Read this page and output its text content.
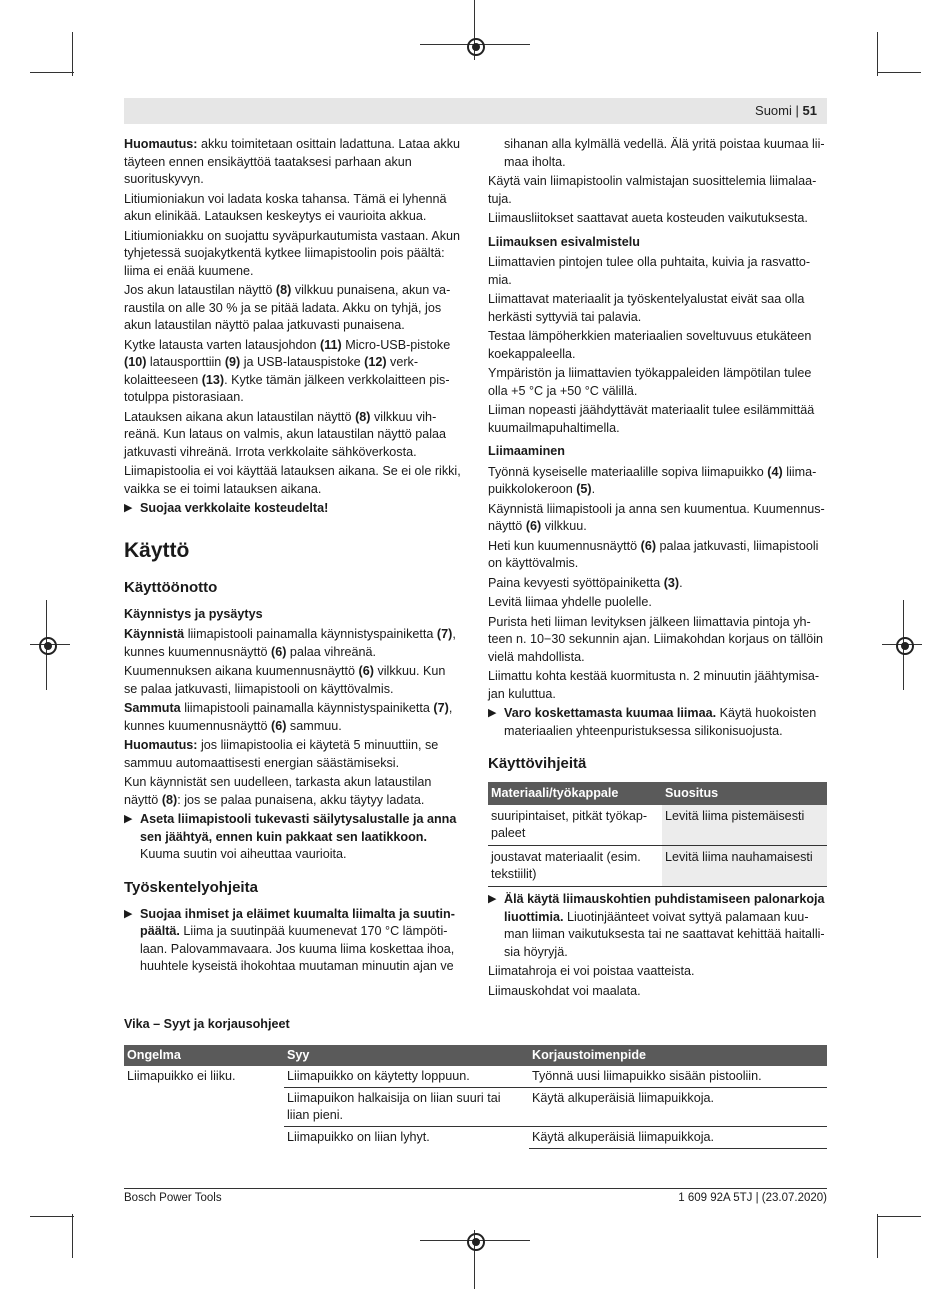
Suomi | 51

Huomautus: akku toimitetaan osittain ladattuna. Lataa akku täyteen ennen ensikäyttöä taataksesi parhaan akun suorituskyvyn.

Litiumioniakun voi ladata koska tahansa. Tämä ei lyhennä akun elinikää. Latauksen keskeytys ei vaurioita akkua.

Litiumioniakku on suojattu syväpurkautumista vastaan. Akun tyhjetessä suojakytkentä kytkee liimapistoolin pois päältä: liima ei enää kuumene.

Jos akun lataustilan näyttö (8) vilkkuu punaisena, akun varaustila on alle 30 % ja se pitää ladata. Akku on tyhjä, jos akun lataustilan näyttö palaa jatkuvasti punaisena.

Kytke latausta varten latausjohdon (11) Micro-USB-pistoke (10) latausporttiin (9) ja USB-latauspistoke (12) verkkolaitteeseen (13). Kytke tämän jälkeen verkkolaitteen pistotulppa pistorasiaan.

Latauksen aikana akun lataustilan näyttö (8) vilkkuu vihreänä. Kun lataus on valmis, akun lataustilan näyttö palaa jatkuvasti vihreänä. Irrota verkkolaite sähköverkosta.

Liimapistoolia ei voi käyttää latauksen aikana. Se ei ole rikki, vaikka se ei toimi latauksen aikana.

▶ Suojaa verkkolaite kosteudelta!
Käyttö
Käyttöönotto
Käynnistys ja pysäytys

Käynnistä liimapistooli painamalla käynnistyspainiketta (7), kunnes kuumennusnäyttö (6) palaa vihreänä.

Kuumennuksen aikana kuumennusnäyttö (6) vilkkuu. Kun se palaa jatkuvasti, liimapistooli on käyttövalmis.

Sammuta liimapistooli painamalla käynnistyspainiketta (7), kunnes kuumennusnäyttö (6) sammuu.

Huomautus: jos liimapistoolia ei käytetä 5 minuuttiin, se sammuu automaattisesti energian säästämiseksi.

Kun käynnistät sen uudelleen, tarkasta akun lataustilan näyttö (8): jos se palaa punaisena, akku täytyy ladata.

▶ Aseta liimapistooli tukevasti säilytysalustalle ja anna sen jäähtyä, ennen kuin pakkaat sen laatikkoon. Kuuma suutin voi aiheuttaa vaurioita.
Työskentelyohjeita
▶ Suojaa ihmiset ja eläimet kuumalta liimalta ja suutinpäältä. Liima ja suutinpää kuumenevat 170 °C lämpötilaan. Palovammavaara. Jos kuuma liima koskettaa ihoa, huuhtele kyseistä ihokohtaa muutaman minuutin ajan ve

sihanan alla kylmällä vedellä. Älä yritä poistaa kuumaa liimaa iholta.

Käytä vain liimapistoolin valmistajan suosittelemia liimalaatuja.

Liimausliitokset saattavat aueta kosteuden vaikutuksesta.

Liimauksen esivalmistelu

Liimattavien pintojen tulee olla puhtaita, kuivia ja rasvattomia.

Liimattavat materiaalit ja työskentelyalustat eivät saa olla herkästi syttyviä tai palavia.

Testaa lämpöherkkien materiaalien soveltuvuus etukäteen koekappaleella.

Ympäristön ja liimattavien työkappaleiden lämpötilan tulee olla +5 °C ja +50 °C välillä.

Liiman nopeasti jäähdyttävät materiaalit tulee esilämmittää kuumailmapuhaltimella.

Liimaaminen

Työnnä kyseiselle materiaalille sopiva liimapuikko (4) liimapuikkolokeroon (5).

Käynnistä liimapistooli ja anna sen kuumentua. Kuumennusnäyttö (6) vilkkuu.

Heti kun kuumennusnäyttö (6) palaa jatkuvasti, liimapistooli on käyttövalmis.

Paina kevyesti syöttöpainiketta (3).

Levitä liimaa yhdelle puolelle.

Purista heti liiman levityksen jälkeen liimattavia pintoja yhteen n. 10−30 sekunnin ajan. Liimakohdan korjaus on tällöin vielä mahdollista.

Liimattu kohta kestää kuormitusta n. 2 minuutin jäähtymisajan kuluttua.

▶ Varo koskettamasta kuumaa liimaa. Käytä huokoisten materiaalien yhteenpuristuksessa silikonisuojusta.
Käyttövihjeitä
Materiaali/työkappale	Suositus
suuripintaiset, pitkät työkappaleet	Levitä liima pistemäisesti
joustavat materiaalit (esim. tekstiilit)	Levitä liima nauhamaisesti
▶ Älä käytä liimauskohtien puhdistamiseen palonarkoja liuottimia. Liuotinjäänteet voivat syttyä palamaan kuuman liiman vaikutuksesta tai ne saattavat kehittää haitallisia höyryjä.

Liimatahroja ei voi poistaa vaatteista.

Liimauskohdat voi maalata.

Vika – Syyt ja korjausohjeet
Ongelma	Syy	Korjaustoimenpide
Liimapuikko ei liiku.	Liimapuikko on käytetty loppuun.	Työnnä uusi liimapuikko sisään pistooliin.
	Liimapuikon halkaisija on liian suuri tai liian pieni.	Käytä alkuperäisiä liimapuikkoja.
	Liimapuikko on liian lyhyt.	Käytä alkuperäisiä liimapuikkoja.
Bosch Power Tools	1 609 92A 5TJ | (23.07.2020)
